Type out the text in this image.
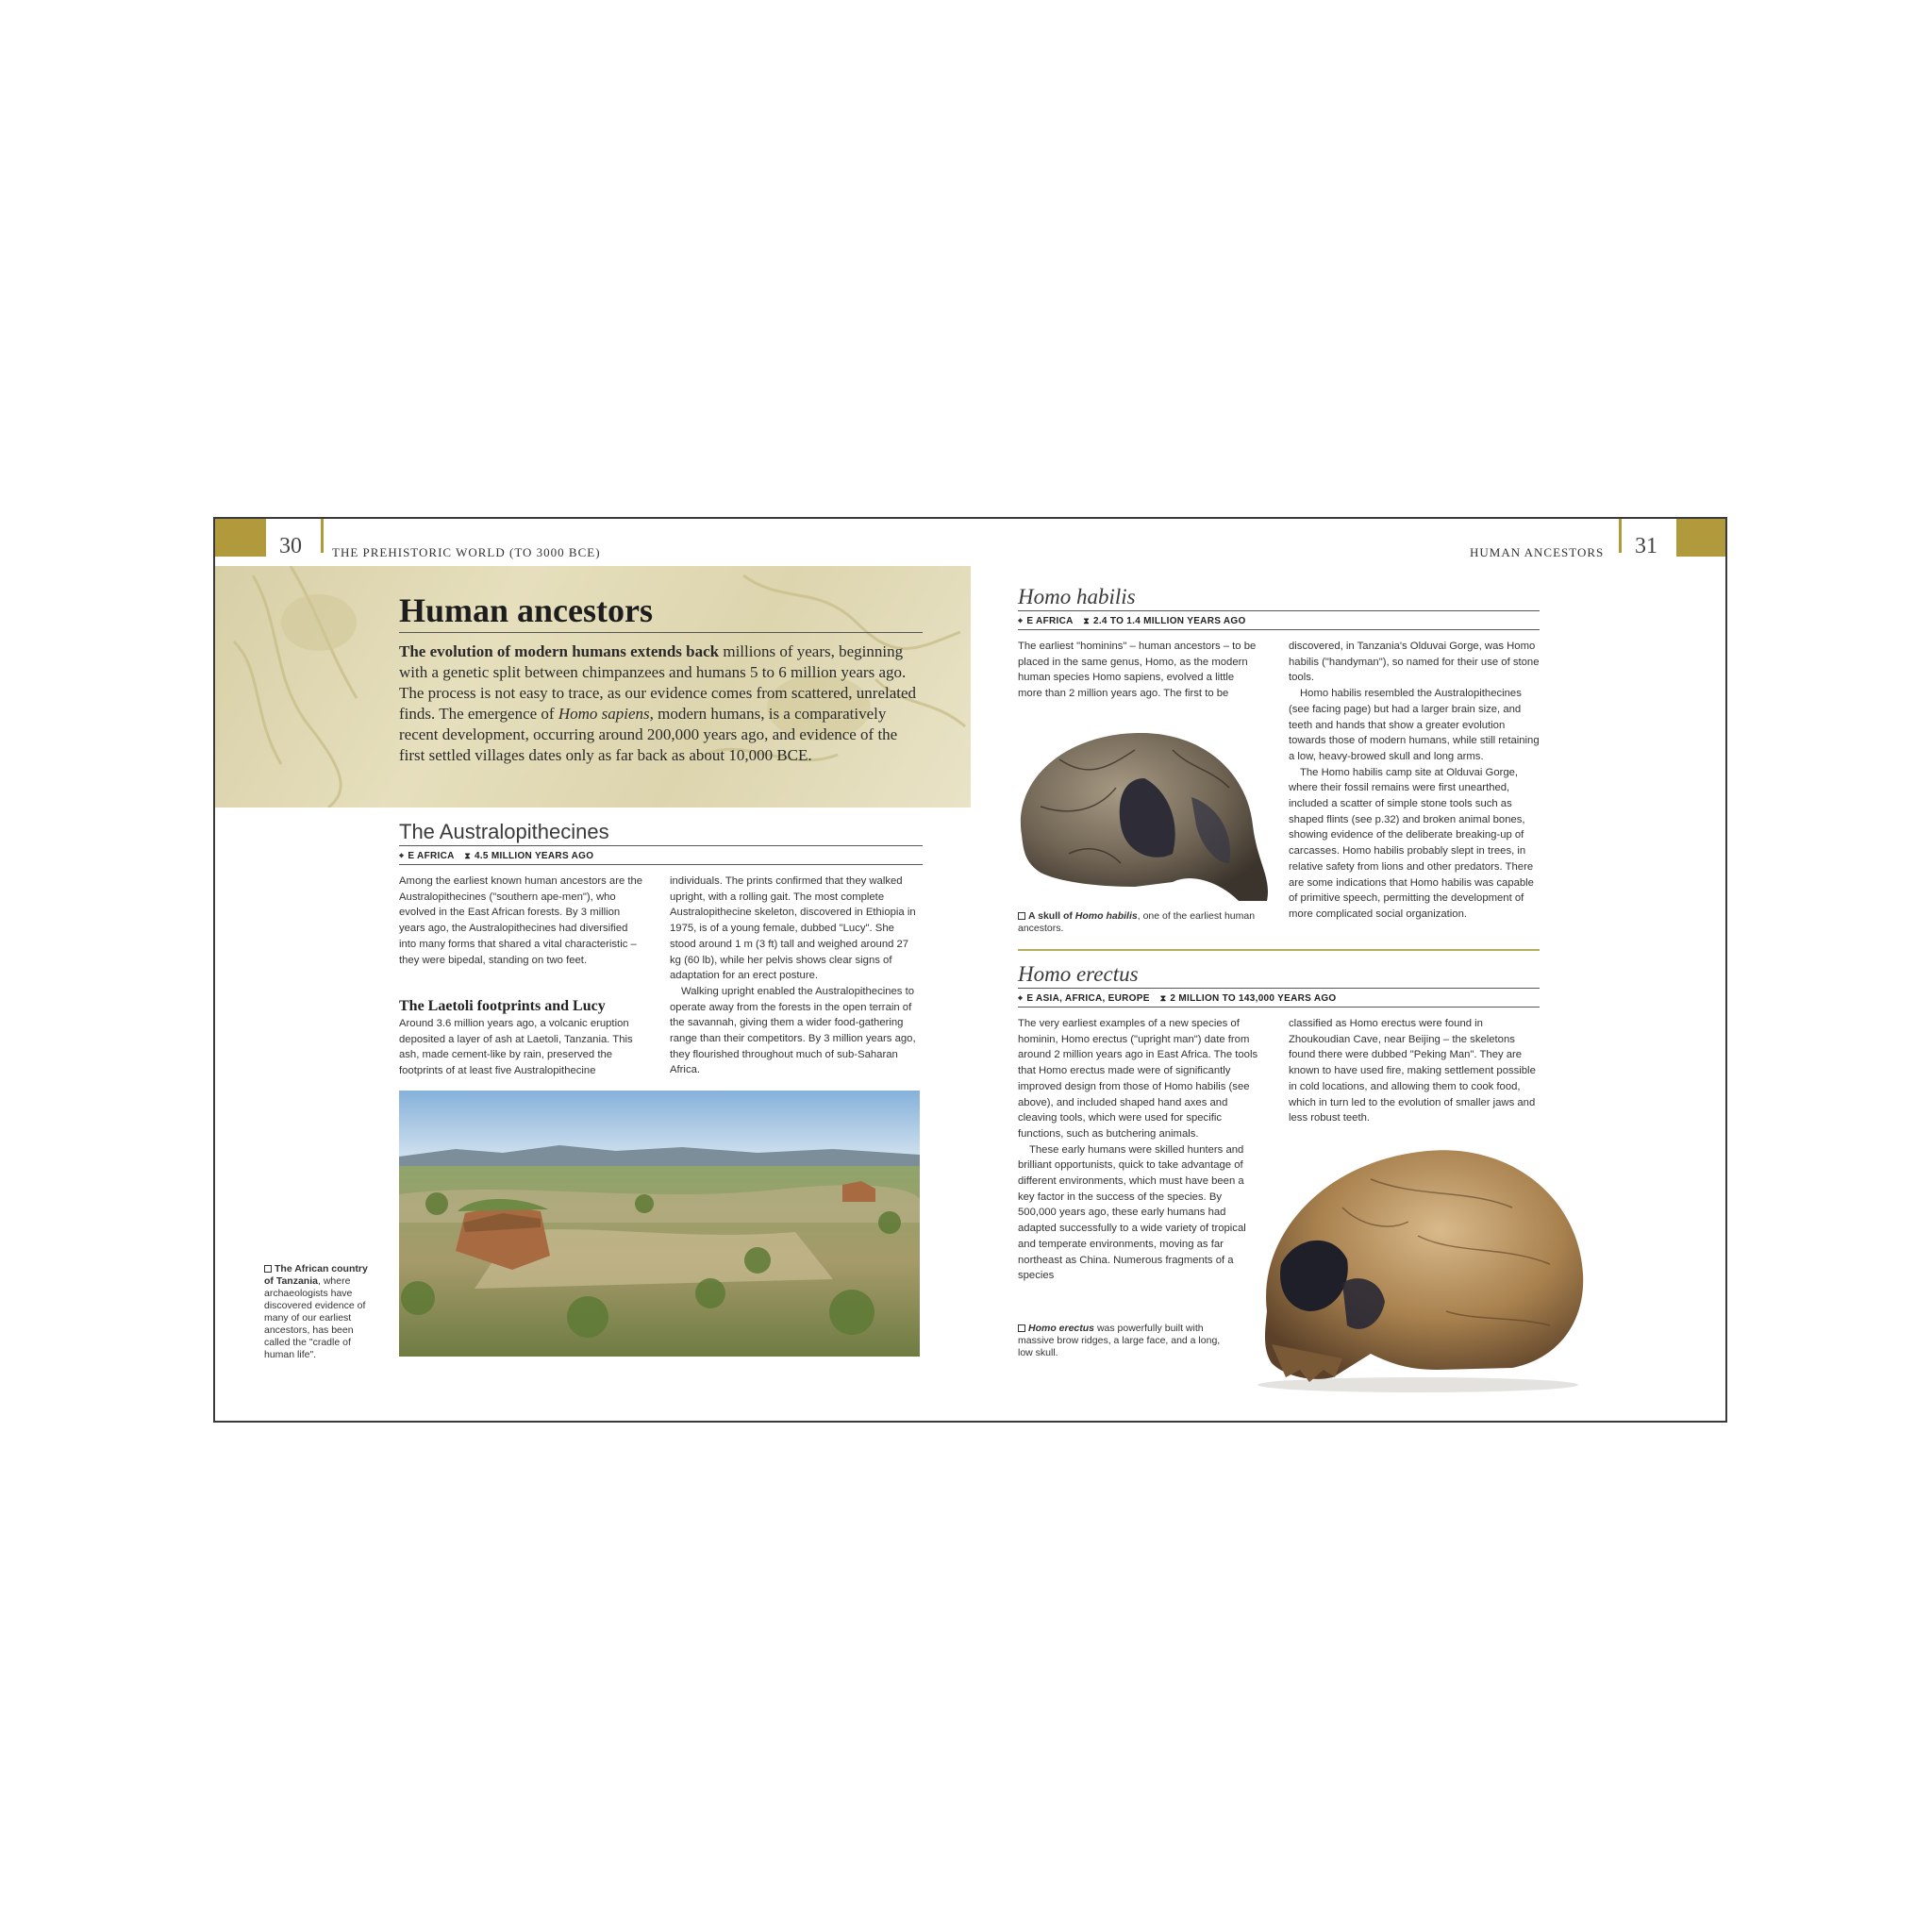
30 THE PREHISTORIC WORLD (TO 3000 BCE)	HUMAN ANCESTORS 31
Human ancestors

The evolution of modern humans extends back millions of years, beginning with a genetic split between chimpanzees and humans 5 to 6 million years ago. The process is not easy to trace, as our evidence comes from scattered, unrelated finds. The emergence of Homo sapiens, modern humans, is a comparatively recent development, occurring around 200,000 years ago, and evidence of the first settled villages dates only as far back as about 10,000 BCE.

The Australopithecines
⌖ E AFRICA ⧗ 4.5 MILLION YEARS AGO

Among the earliest known human ancestors are the Australopithecines ("southern ape-men"), who evolved in the East African forests. By 3 million years ago, the Australopithecines had diversified into many forms that shared a vital characteristic – they were bipedal, standing on two feet.

The Laetoli footprints and Lucy

Around 3.6 million years ago, a volcanic eruption deposited a layer of ash at Laetoli, Tanzania. This ash, made cement-like by rain, preserved the footprints of at least five Australopithecine

individuals. The prints confirmed that they walked upright, with a rolling gait. The most complete Australopithecine skeleton, discovered in Ethiopia in 1975, is of a young female, dubbed "Lucy". She stood around 1 m (3 ft) tall and weighed around 27 kg (60 lb), while her pelvis shows clear signs of adaptation for an erect posture.

Walking upright enabled the Australopithecines to operate away from the forests in the open terrain of the savannah, giving them a wider food-gathering range than their competitors. By 3 million years ago, they flourished throughout much of sub-Saharan Africa.

The African country of Tanzania, where archaeologists have discovered evidence of many of our earliest ancestors, has been called the "cradle of human life".

Homo habilis
⌖ E AFRICA ⧗ 2.4 TO 1.4 MILLION YEARS AGO

The earliest "hominins" – human ancestors – to be placed in the same genus, Homo, as the modern human species Homo sapiens, evolved a little more than 2 million years ago. The first to be

A skull of Homo habilis, one of the earliest human ancestors.

discovered, in Tanzania's Olduvai Gorge, was Homo habilis ("handyman"), so named for their use of stone tools.

Homo habilis resembled the Australopithecines (see facing page) but had a larger brain size, and teeth and hands that show a greater evolution towards those of modern humans, while still retaining a low, heavy-browed skull and long arms.

The Homo habilis camp site at Olduvai Gorge, where their fossil remains were first unearthed, included a scatter of simple stone tools such as shaped flints (see p.32) and broken animal bones, showing evidence of the deliberate breaking-up of carcasses. Homo habilis probably slept in trees, in relative safety from lions and other predators. There are some indications that Homo habilis was capable of primitive speech, permitting the development of more complicated social organization.

Homo erectus
⌖ E ASIA, AFRICA, EUROPE ⧗ 2 MILLION TO 143,000 YEARS AGO

The very earliest examples of a new species of hominin, Homo erectus ("upright man") date from around 2 million years ago in East Africa. The tools that Homo erectus made were of significantly improved design from those of Homo habilis (see above), and included shaped hand axes and cleaving tools, which were used for specific functions, such as butchering animals.

These early humans were skilled hunters and brilliant opportunists, quick to take advantage of different environments, which must have been a key factor in the success of the species. By 500,000 years ago, these early humans had adapted successfully to a wide variety of tropical and temperate environments, moving as far northeast as China. Numerous fragments of a species

classified as Homo erectus were found in Zhoukoudian Cave, near Beijing – the skeletons found there were dubbed "Peking Man". They are known to have used fire, making settlement possible in cold locations, and allowing them to cook food, which in turn led to the evolution of smaller jaws and less robust teeth.

Homo erectus was powerfully built with massive brow ridges, a large face, and a long, low skull.
